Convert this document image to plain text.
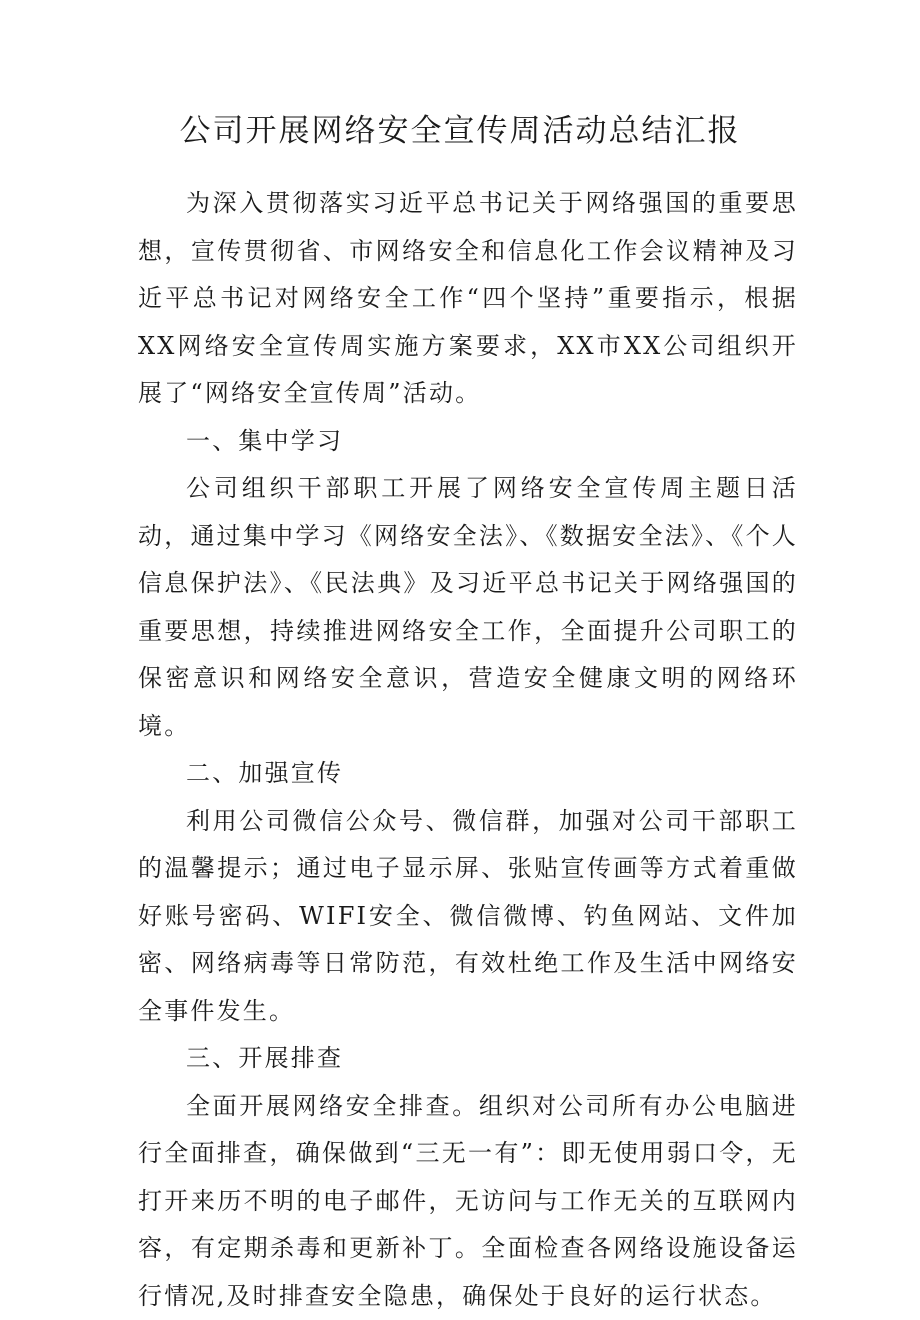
公司开展网络安全宣传周活动总结汇报

为深入贯彻落实习近平总书记关于网络强国的重要思想，宣传贯彻省、市网络安全和信息化工作会议精神及习近平总书记对网络安全工作“四个坚持”重要指示，根据XX网络安全宣传周实施方案要求，XX市XX公司组织开展了“网络安全宣传周”活动。

一、集中学习

公司组织干部职工开展了网络安全宣传周主题日活动，通过集中学习《网络安全法》、《数据安全法》、《个人信息保护法》、《民法典》及习近平总书记关于网络强国的重要思想，持续推进网络安全工作，全面提升公司职工的保密意识和网络安全意识，营造安全健康文明的网络环境。

二、加强宣传

利用公司微信公众号、微信群，加强对公司干部职工的温馨提示；通过电子显示屏、张贴宣传画等方式着重做好账号密码、WIFI安全、微信微博、钓鱼网站、文件加密、网络病毒等日常防范，有效杜绝工作及生活中网络安全事件发生。

三、开展排查

全面开展网络安全排查。组织对公司所有办公电脑进行全面排查，确保做到“三无一有”：即无使用弱口令，无打开来历不明的电子邮件，无访问与工作无关的互联网内容，有定期杀毒和更新补丁。全面检查各网络设施设备运行情况,及时排查安全隐患，确保处于良好的运行状态。
